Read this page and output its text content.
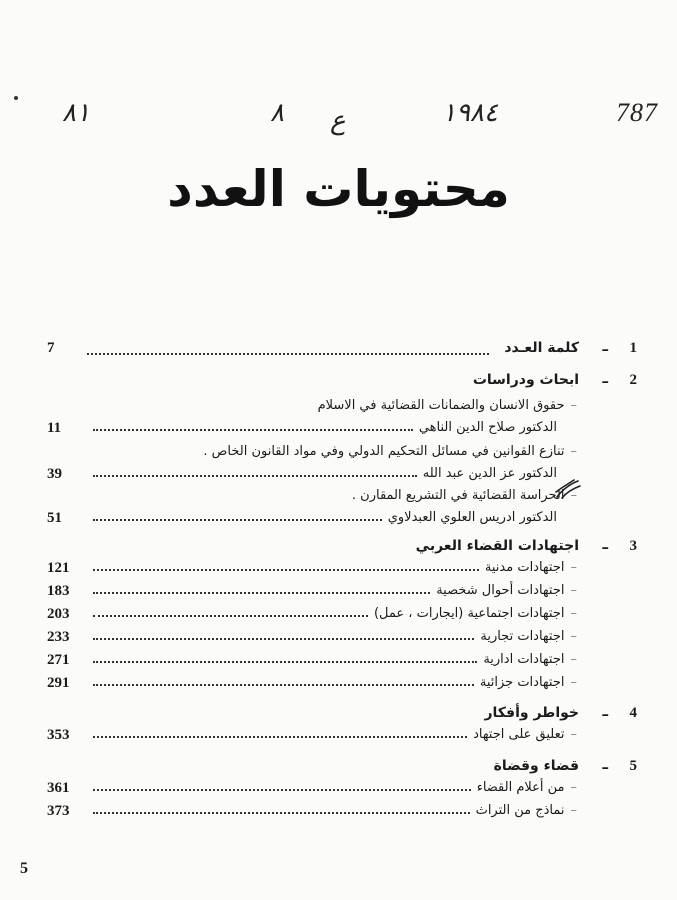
787
١٩٨٤
ع
٨
٨١
محتويات العدد
1
–
كلمة العـدد
7
2
–
ابحاث ودراسات
–حقوق الانسان والضمانات القضائية في الاسلام
الدكتور صلاح الدين الناهي
11
–تنازع القوانين في مسائل التحكيم الدولي وفي مواد القانون الخاص .
الدكتور عز الدين عبد الله
39
–الحراسة القضائية في التشريع المقارن .
الدكتور ادريس العلوي العبدلاوي
51
3
–
اجتهادات القضاء العربي
–
اجتهادات مدنية
121
–
اجتهادات أحوال شخصية
183
–
اجتهادات اجتماعية (ايجارات ، عمل)
203
–
اجتهادات تجارية
233
–
اجتهادات ادارية
271
–
اجتهادات جزائية
291
4
–
خواطر وأفكار
–
تعليق على اجتهاد
353
5
–
قضاء وقضاة
–
من أعلام القضاء
361
–
نماذج من التراث
373
5
